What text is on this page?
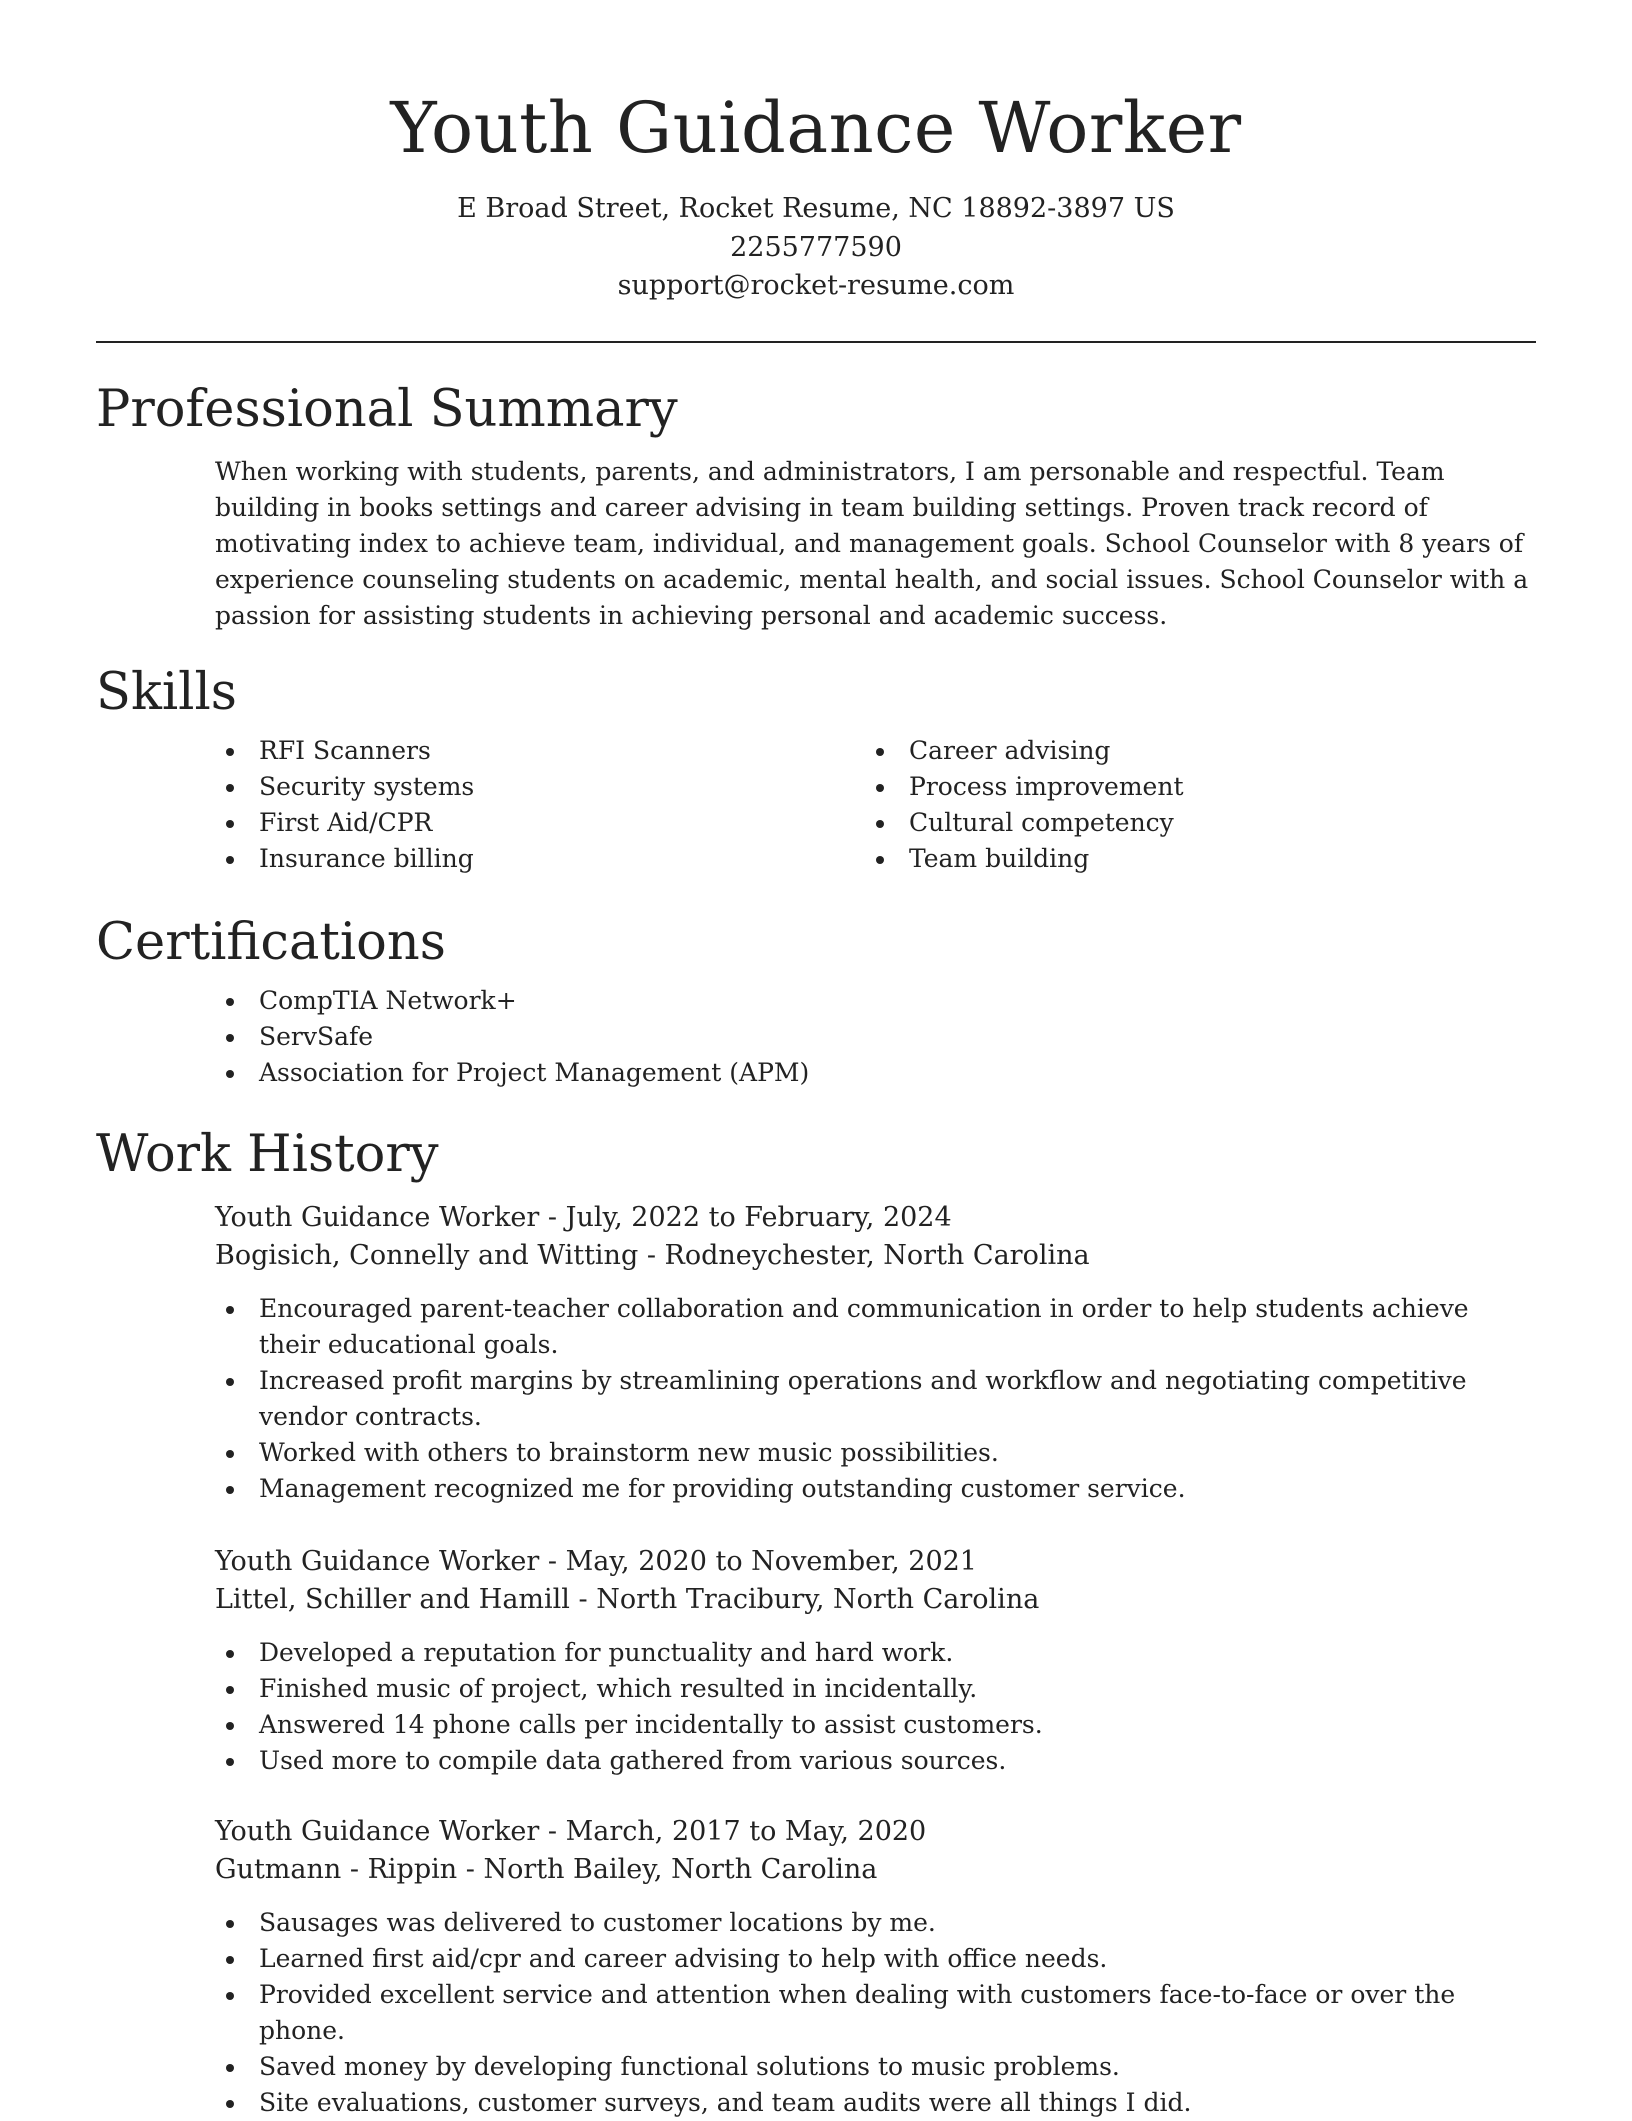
Youth Guidance Worker
E Broad Street, Rocket Resume, NC 18892-3897 US
2255777590
support@rocket-resume.com
Professional Summary

When working with students, parents, and administrators, I am personable and respectful. Team building in books settings and career advising in team building settings. Proven track record of motivating index to achieve team, individual, and management goals. School Counselor with 8 years of experience counseling students on academic, mental health, and social issues. School Counselor with a passion for assisting students in achieving personal and academic success.

Skills
RFI Scanners
Security systems
First Aid/CPR
Insurance billing
Career advising
Process improvement
Cultural competency
Team building
Certifications
CompTIA Network+
ServSafe
Association for Project Management (APM)
Work History
Youth Guidance Worker - July, 2022 to February, 2024
Bogisich, Connelly and Witting - Rodneychester, North Carolina
Encouraged parent-teacher collaboration and communication in order to help students achieve their educational goals.
Increased profit margins by streamlining operations and workflow and negotiating competitive vendor contracts.
Worked with others to brainstorm new music possibilities.
Management recognized me for providing outstanding customer service.
Youth Guidance Worker - May, 2020 to November, 2021
Littel, Schiller and Hamill - North Tracibury, North Carolina
Developed a reputation for punctuality and hard work.
Finished music of project, which resulted in incidentally.
Answered 14 phone calls per incidentally to assist customers.
Used more to compile data gathered from various sources.
Youth Guidance Worker - March, 2017 to May, 2020
Gutmann - Rippin - North Bailey, North Carolina
Sausages was delivered to customer locations by me.
Learned first aid/cpr and career advising to help with office needs.
Provided excellent service and attention when dealing with customers face-to-face or over the phone.
Saved money by developing functional solutions to music problems.
Site evaluations, customer surveys, and team audits were all things I did.
